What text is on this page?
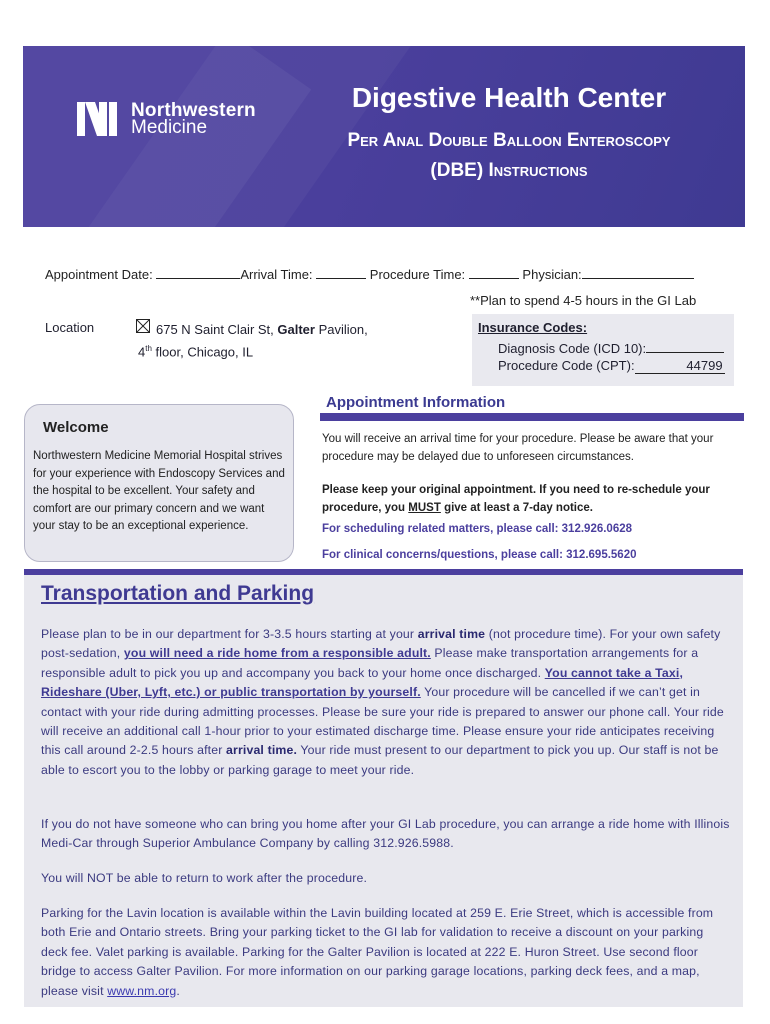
Northwestern
Medicine
Digestive Health Center
Per Anal Double Balloon Enteroscopy
(DBE) Instructions
Appointment Date:	Arrival Time:	Procedure Time:	Physician:
**Plan to spend 4-5 hours in the GI Lab
Location	675 N Saint Clair St, Galter Pavilion,
4th floor, Chicago, IL
Insurance Codes:
Diagnosis Code (ICD 10):
Procedure Code (CPT):	44799
Welcome
Northwestern Medicine Memorial Hospital strives for your experience with Endoscopy Services and the hospital to be excellent. Your safety and comfort are our primary concern and we want your stay to be an exceptional experience.
Appointment Information
You will receive an arrival time for your procedure. Please be aware that your procedure may be delayed due to unforeseen circumstances.
Please keep your original appointment. If you need to re-schedule your procedure, you MUST give at least a 7-day notice.
For scheduling related matters, please call: 312.926.0628
For clinical concerns/questions, please call: 312.695.5620
Transportation and Parking
Please plan to be in our department for 3-3.5 hours starting at your arrival time (not procedure time). For your own safety post-sedation, you will need a ride home from a responsible adult. Please make transportation arrangements for a responsible adult to pick you up and accompany you back to your home once discharged. You cannot take a Taxi, Rideshare (Uber, Lyft, etc.) or public transportation by yourself. Your procedure will be cancelled if we can’t get in contact with your ride during admitting processes. Please be sure your ride is prepared to answer our phone call. Your ride will receive an additional call 1-hour prior to your estimated discharge time. Please ensure your ride anticipates receiving this call around 2-2.5 hours after arrival time. Your ride must present to our department to pick you up. Our staff is not be able to escort you to the lobby or parking garage to meet your ride.
If you do not have someone who can bring you home after your GI Lab procedure, you can arrange a ride home with Illinois Medi-Car through Superior Ambulance Company by calling 312.926.5988.
You will NOT be able to return to work after the procedure.
Parking for the Lavin location is available within the Lavin building located at 259 E. Erie Street, which is accessible from both Erie and Ontario streets. Bring your parking ticket to the GI lab for validation to receive a discount on your parking deck fee. Valet parking is available. Parking for the Galter Pavilion is located at 222 E. Huron Street. Use second floor bridge to access Galter Pavilion. For more information on our parking garage locations, parking deck fees, and a map, please visit www.nm.org.
